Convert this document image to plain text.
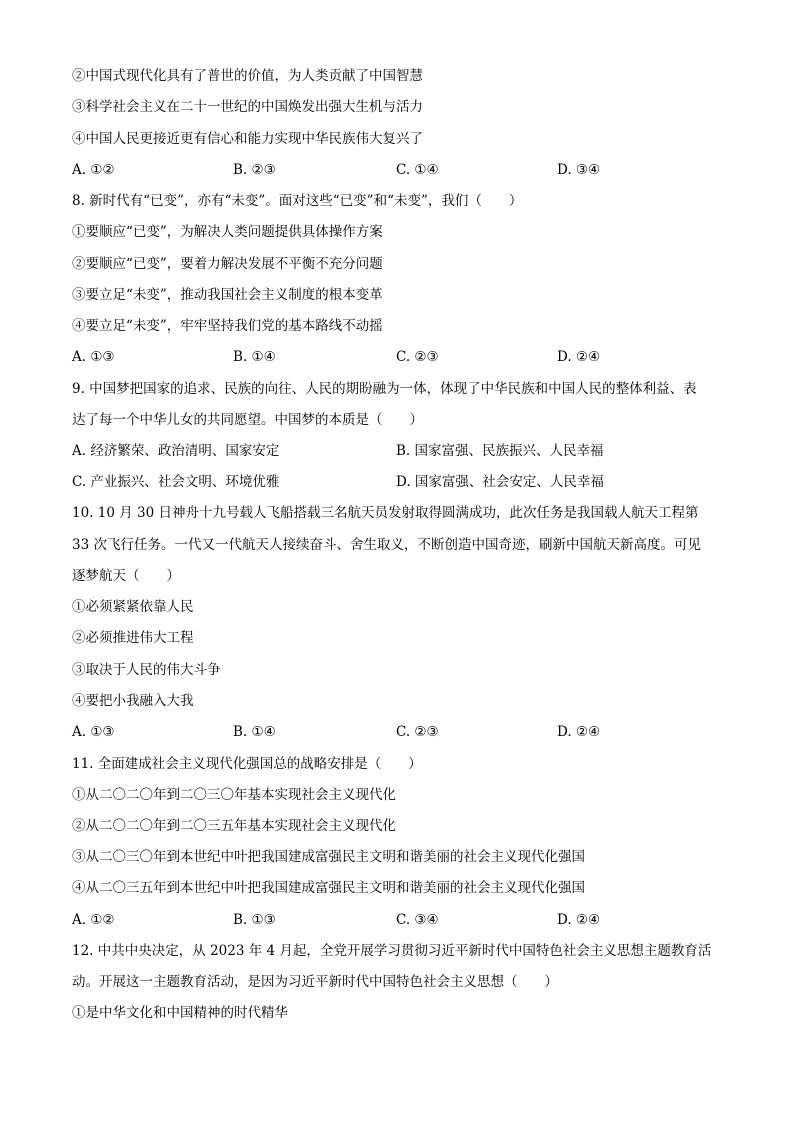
②中国式现代化具有了普世的价值，为人类贡献了中国智慧
③科学社会主义在二十一世纪的中国焕发出强大生机与活力
④中国人民更接近更有信心和能力实现中华民族伟大复兴了
A. ①②	B. ②③	C. ①④	D. ③④
8. 新时代有“已变”，亦有“未变”。面对这些“已变”和“未变”，我们（　　）
①要顺应“已变”，为解决人类问题提供具体操作方案
②要顺应“已变”，要着力解决发展不平衡不充分问题
③要立足“未变”，推动我国社会主义制度的根本变革
④要立足“未变”，牢牢坚持我们党的基本路线不动摇
A. ①③	B. ①④	C. ②③	D. ②④
9. 中国梦把国家的追求、民族的向往、人民的期盼融为一体，体现了中华民族和中国人民的整体利益、表
达了每一个中华儿女的共同愿望。中国梦的本质是（　　）
A. 经济繁荣、政治清明、国家安定	B. 国家富强、民族振兴、人民幸福
C. 产业振兴、社会文明、环境优雅	D. 国家富强、社会安定、人民幸福
10. 10 月 30 日神舟十九号载人飞船搭载三名航天员发射取得圆满成功，此次任务是我国载人航天工程第
33 次飞行任务。一代又一代航天人接续奋斗、舍生取义，不断创造中国奇迹，刷新中国航天新高度。可见
逐梦航天（　　）
①必须紧紧依靠人民
②必须推进伟大工程
③取决于人民的伟大斗争
④要把小我融入大我
A. ①③	B. ①④	C. ②③	D. ②④
11. 全面建成社会主义现代化强国总的战略安排是（　　）
①从二〇二〇年到二〇三〇年基本实现社会主义现代化
②从二〇二〇年到二〇三五年基本实现社会主义现代化
③从二〇三〇年到本世纪中叶把我国建成富强民主文明和谐美丽的社会主义现代化强国
④从二〇三五年到本世纪中叶把我国建成富强民主文明和谐美丽的社会主义现代化强国
A. ①②	B. ①③	C. ③④	D. ②④
12. 中共中央决定，从 2023 年 4 月起，全党开展学习贯彻习近平新时代中国特色社会主义思想主题教育活
动。开展这一主题教育活动，是因为习近平新时代中国特色社会主义思想（　　）
①是中华文化和中国精神的时代精华
